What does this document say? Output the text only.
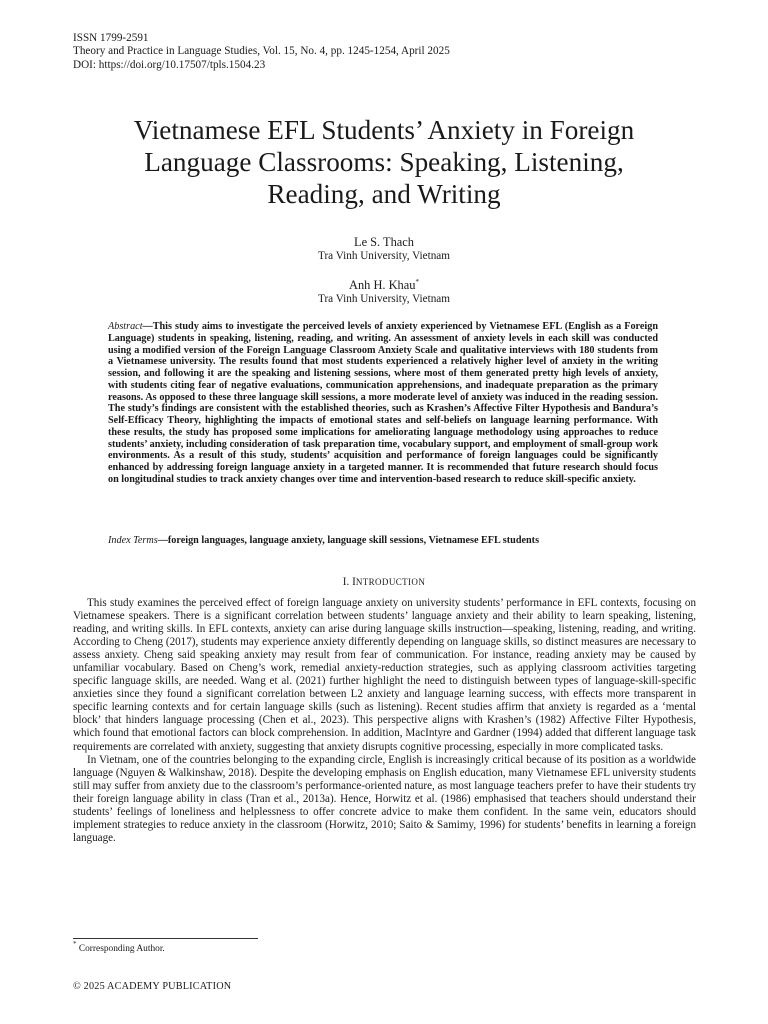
ISSN 1799-2591
Theory and Practice in Language Studies, Vol. 15, No. 4, pp. 1245-1254, April 2025
DOI: https://doi.org/10.17507/tpls.1504.23
Vietnamese EFL Students’ Anxiety in Foreign
Language Classrooms: Speaking, Listening,
Reading, and Writing
Le S. Thach
Tra Vinh University, Vietnam
Anh H. Khau*
Tra Vinh University, Vietnam
Abstract—This study aims to investigate the perceived levels of anxiety experienced by Vietnamese EFL (English as a Foreign Language) students in speaking, listening, reading, and writing. An assessment of anxiety levels in each skill was conducted using a modified version of the Foreign Language Classroom Anxiety Scale and qualitative interviews with 180 students from a Vietnamese university. The results found that most students experienced a relatively higher level of anxiety in the writing session, and following it are the speaking and listening sessions, where most of them generated pretty high levels of anxiety, with students citing fear of negative evaluations, communication apprehensions, and inadequate preparation as the primary reasons. As opposed to these three language skill sessions, a more moderate level of anxiety was induced in the reading session. The study’s findings are consistent with the established theories, such as Krashen’s Affective Filter Hypothesis and Bandura’s Self-Efficacy Theory, highlighting the impacts of emotional states and self-beliefs on language learning performance. With these results, the study has proposed some implications for ameliorating language methodology using approaches to reduce students’ anxiety, including consideration of task preparation time, vocabulary support, and employment of small-group work environments. As a result of this study, students’ acquisition and performance of foreign languages could be significantly enhanced by addressing foreign language anxiety in a targeted manner. It is recommended that future research should focus on longitudinal studies to track anxiety changes over time and intervention-based research to reduce skill-specific anxiety.
Index Terms—foreign languages, language anxiety, language skill sessions, Vietnamese EFL students
I. INTRODUCTION

This study examines the perceived effect of foreign language anxiety on university students’ performance in EFL contexts, focusing on Vietnamese speakers. There is a significant correlation between students’ language anxiety and their ability to learn speaking, listening, reading, and writing skills. In EFL contexts, anxiety can arise during language skills instruction—speaking, listening, reading, and writing. According to Cheng (2017), students may experience anxiety differently depending on language skills, so distinct measures are necessary to assess anxiety. Cheng said speaking anxiety may result from fear of communication. For instance, reading anxiety may be caused by unfamiliar vocabulary. Based on Cheng’s work, remedial anxiety-reduction strategies, such as applying classroom activities targeting specific language skills, are needed. Wang et al. (2021) further highlight the need to distinguish between types of language-skill-specific anxieties since they found a significant correlation between L2 anxiety and language learning success, with effects more transparent in specific learning contexts and for certain language skills (such as listening). Recent studies affirm that anxiety is regarded as a ‘mental block’ that hinders language processing (Chen et al., 2023). This perspective aligns with Krashen’s (1982) Affective Filter Hypothesis, which found that emotional factors can block comprehension. In addition, MacIntyre and Gardner (1994) added that different language task requirements are correlated with anxiety, suggesting that anxiety disrupts cognitive processing, especially in more complicated tasks.

In Vietnam, one of the countries belonging to the expanding circle, English is increasingly critical because of its position as a worldwide language (Nguyen & Walkinshaw, 2018). Despite the developing emphasis on English education, many Vietnamese EFL university students still may suffer from anxiety due to the classroom’s performance-oriented nature, as most language teachers prefer to have their students try their foreign language ability in class (Tran et al., 2013a). Hence, Horwitz et al. (1986) emphasised that teachers should understand their students’ feelings of loneliness and helplessness to offer concrete advice to make them confident. In the same vein, educators should implement strategies to reduce anxiety in the classroom (Horwitz, 2010; Saito & Samimy, 1996) for students’ benefits in learning a foreign language.

* Corresponding Author.
© 2025 ACADEMY PUBLICATION
